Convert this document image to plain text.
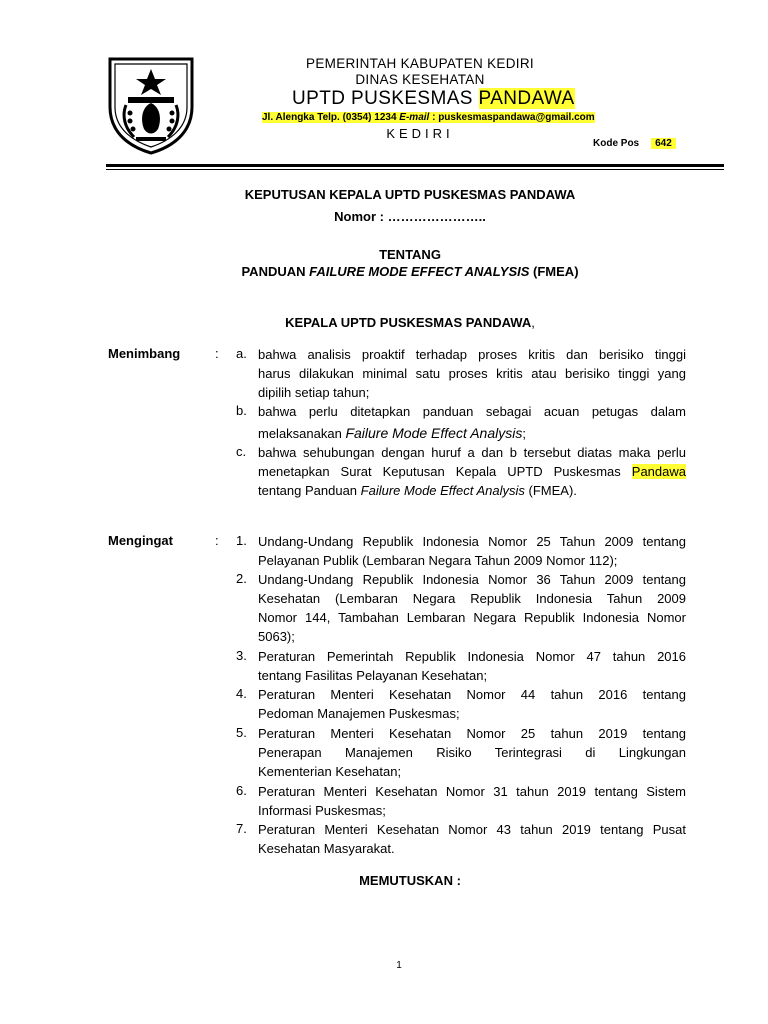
PEMERINTAH KABUPATEN KEDIRI
DINAS KESEHATAN
UPTD PUSKESMAS PANDAWA
Jl. Alengka Telp. (0354) 1234 E-mail : puskesmaspandawa@gmail.com
KEDIRI
Kode Pos 642
KEPUTUSAN KEPALA UPTD PUSKESMAS PANDAWA
Nomor : …………………..
TENTANG
PANDUAN FAILURE MODE EFFECT ANALYSIS (FMEA)
KEPALA UPTD PUSKESMAS PANDAWA,
Menimbang	: a. bahwa analisis proaktif terhadap proses kritis dan berisiko tinggi
harus dilakukan minimal satu proses kritis atau berisiko tinggi yang
dipilih setiap tahun;
b. bahwa perlu ditetapkan panduan sebagai acuan petugas dalam
melaksanakan Failure Mode Effect Analysis;
c. bahwa sehubungan dengan huruf a dan b tersebut diatas maka perlu
menetapkan Surat Keputusan Kepala UPTD Puskesmas Pandawa
tentang Panduan Failure Mode Effect Analysis (FMEA).
Mengingat	: 1. Undang-Undang Republik Indonesia Nomor 25 Tahun 2009 tentang
Pelayanan Publik (Lembaran Negara Tahun 2009 Nomor 112);
2. Undang-Undang Republik Indonesia Nomor 36 Tahun 2009 tentang
Kesehatan (Lembaran Negara Republik Indonesia Tahun 2009
Nomor 144, Tambahan Lembaran Negara Republik Indonesia Nomor
5063);
3. Peraturan Pemerintah Republik Indonesia Nomor 47 tahun 2016
tentang Fasilitas Pelayanan Kesehatan;
4. Peraturan Menteri Kesehatan Nomor 44 tahun 2016 tentang
Pedoman Manajemen Puskesmas;
5. Peraturan Menteri Kesehatan Nomor 25 tahun 2019 tentang
Penerapan Manajemen Risiko Terintegrasi di Lingkungan
Kementerian Kesehatan;
6. Peraturan Menteri Kesehatan Nomor 31 tahun 2019 tentang Sistem
Informasi Puskesmas;
7. Peraturan Menteri Kesehatan Nomor 43 tahun 2019 tentang Pusat
Kesehatan Masyarakat.
MEMUTUSKAN :
1
